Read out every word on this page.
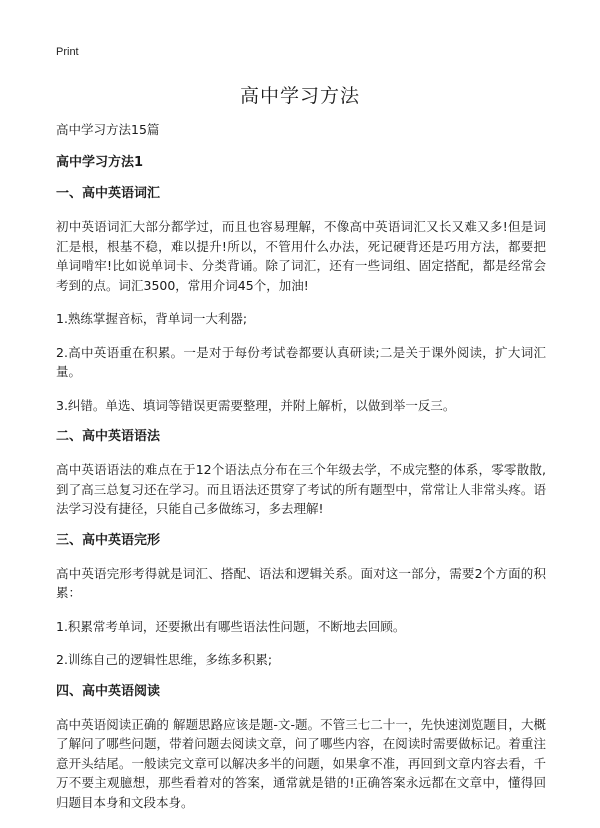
Print
高中学习方法
高中学习方法15篇
高中学习方法1
一、高中英语词汇

初中英语词汇大部分都学过，而且也容易理解，不像高中英语词汇又长又难又多!但是词汇是根，根基不稳，难以提升!所以，不管用什么办法，死记硬背还是巧用方法，都要把单词啃牢!比如说单词卡、分类背诵。除了词汇，还有一些词组、固定搭配，都是经常会考到的点。词汇3500，常用介词45个，加油!

1.熟练掌握音标，背单词一大利器;

2.高中英语重在积累。一是对于每份考试卷都要认真研读;二是关于课外阅读，扩大词汇量。

3.纠错。单选、填词等错误更需要整理，并附上解析，以做到举一反三。

二、高中英语语法

高中英语语法的难点在于12个语法点分布在三个年级去学，不成完整的体系，零零散散,到了高三总复习还在学习。而且语法还贯穿了考试的所有题型中，常常让人非常头疼。语法学习没有捷径，只能自己多做练习，多去理解!

三、高中英语完形

高中英语完形考得就是词汇、搭配、语法和逻辑关系。面对这一部分，需要2个方面的积累：

1.积累常考单词，还要揪出有哪些语法性问题，不断地去回顾。

2.训练自己的逻辑性思维，多练多积累;

四、高中英语阅读

高中英语阅读正确的 解题思路应该是题-文-题。不管三七二十一，先快速浏览题目，大概了解问了哪些问题，带着问题去阅读文章，问了哪些内容，在阅读时需要做标记。着重注意开头结尾。一般读完文章可以解决多半的问题，如果拿不准，再回到文章内容去看，千万不要主观臆想，那些看着对的答案，通常就是错的!正确答案永远都在文章中，懂得回归题目本身和文段本身。
